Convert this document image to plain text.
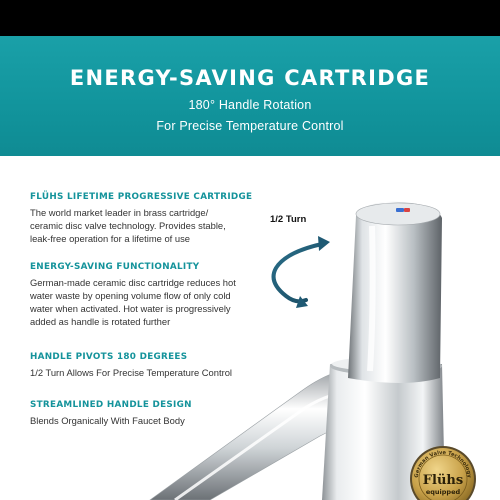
ENERGY-SAVING CARTRIDGE
180° Handle Rotation
For Precise Temperature Control
1/2 Turn
FLÜHS LIFETIME PROGRESSIVE CARTRIDGE
The world market leader in brass cartridge/
ceramic disc valve technology. Provides stable,
leak-free operation for a lifetime of use
ENERGY-SAVING FUNCTIONALITY
German-made ceramic disc cartridge reduces hot
water waste by opening volume flow of only cold
water when activated. Hot water is progressively
added as handle is rotated further
HANDLE PIVOTS 180 DEGREES
1/2 Turn Allows For Precise Temperature Control
STREAMLINED HANDLE DESIGN
Blends Organically With Faucet Body
German Valve Technology
Flühs
equipped
